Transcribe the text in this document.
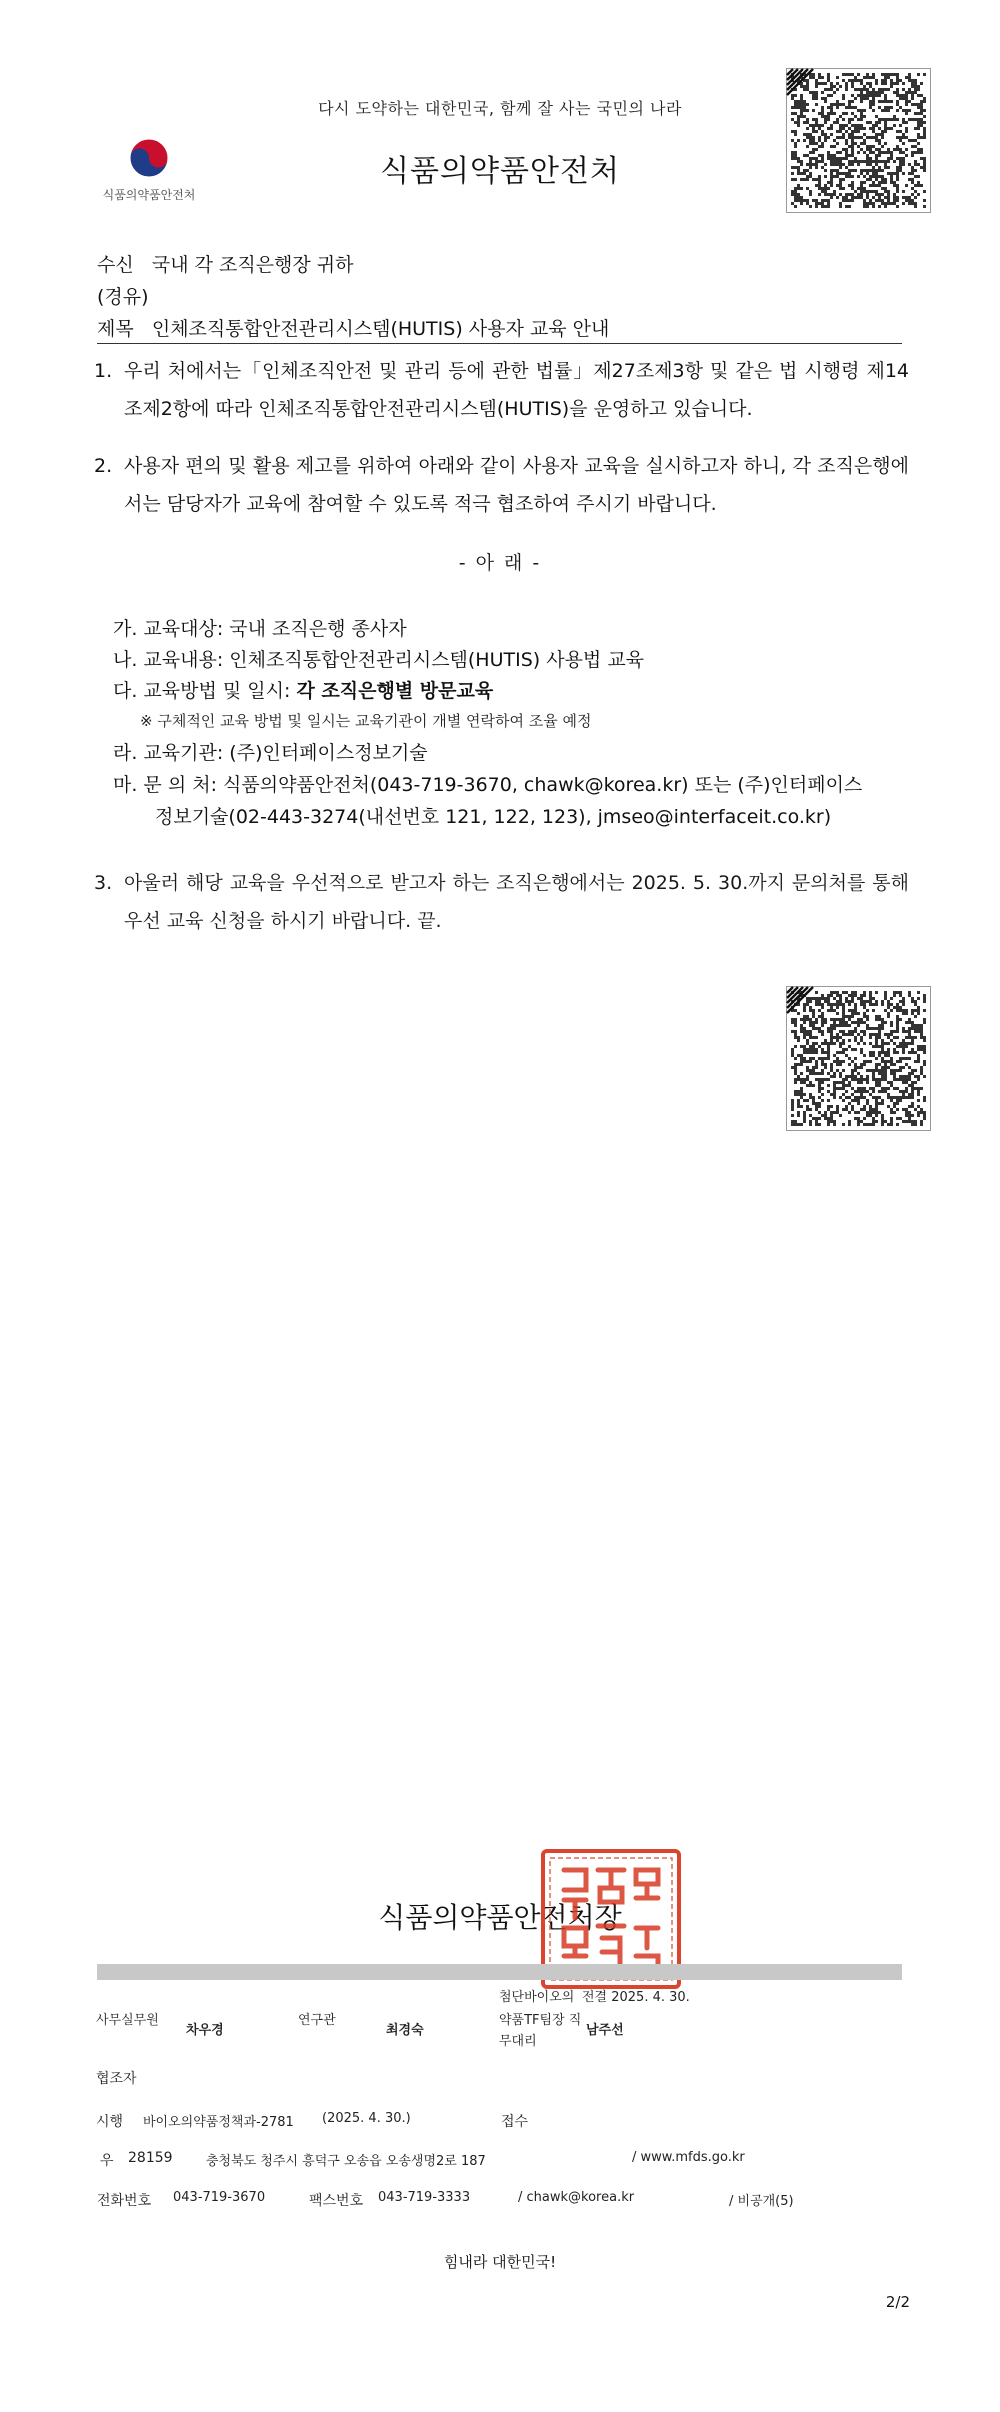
다시 도약하는 대한민국, 함께 잘 사는 국민의 나라
식품의약품안전처
식품의약품안전처
수신 국내 각 조직은행장 귀하
(경유)
제목 인체조직통합안전관리시스템(HUTIS) 사용자 교육 안내
1. 우리 처에서는「인체조직안전 및 관리 등에 관한 법률」제27조제3항 및 같은 법 시행령 제14조제2항에 따라 인체조직통합안전관리시스템(HUTIS)을 운영하고 있습니다.
2. 사용자 편의 및 활용 제고를 위하여 아래와 같이 사용자 교육을 실시하고자 하니, 각 조직은행에서는 담당자가 교육에 참여할 수 있도록 적극 협조하여 주시기 바랍니다.
- 아 래 -
가. 교육대상: 국내 조직은행 종사자
나. 교육내용: 인체조직통합안전관리시스템(HUTIS) 사용법 교육
다. 교육방법 및 일시: 각 조직은행별 방문교육
※ 구체적인 교육 방법 및 일시는 교육기관이 개별 연락하여 조율 예정
라. 교육기관: (주)인터페이스정보기술
마. 문 의 처: 식품의약품안전처(043-719-3670, chawk@korea.kr) 또는 (주)인터페이스
정보기술(02-443-3274(내선번호 121, 122, 123), jmseo@interfaceit.co.kr)
3. 아울러 해당 교육을 우선적으로 받고자 하는 조직은행에서는 2025. 5. 30.까지 문의처를 통해 우선 교육 신청을 하시기 바랍니다. 끝.
식품의약품안전처장
사무실무원
차우경
연구관
최경숙
첨단바이오의 전결 2025. 4. 30.
약품TF팀장 직
무대리
남주선
협조자
시행 바이오의약품정책과-2781 (2025. 4. 30.)	접수
우 28159	충청북도 청주시 흥덕구 오송읍 오송생명2로 187	/ www.mfds.go.kr
전화번호 043-719-3670	팩스번호 043-719-3333	/ chawk@korea.kr	/ 비공개(5)
힘내라 대한민국!
2/2
